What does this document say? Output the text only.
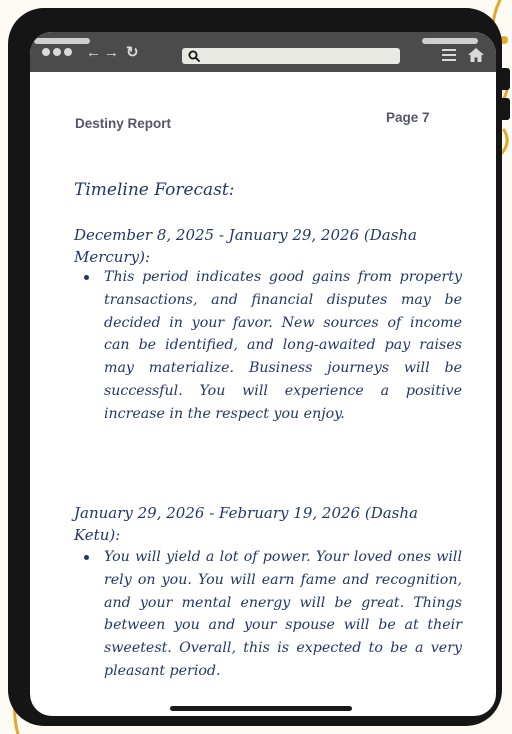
← → ↻
Destiny Report	Page 7
Timeline Forecast:
December 8, 2025 - January 29, 2026 (Dasha Mercury):
This period indicates good gains from property transactions, and financial disputes may be decided in your favor. New sources of income can be identified, and long-awaited pay raises may materialize. Business journeys will be successful. You will experience a positive increase in the respect you enjoy.
January 29, 2026 - February 19, 2026 (Dasha Ketu):
You will yield a lot of power. Your loved ones will rely on you. You will earn fame and recognition, and your mental energy will be great. Things between you and your spouse will be at their sweetest. Overall, this is expected to be a very pleasant period.
